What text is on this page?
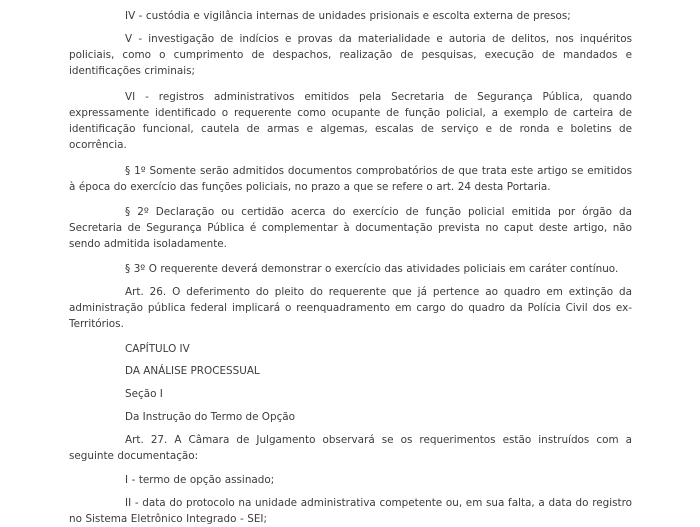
IV - custódia e vigilância internas de unidades prisionais e escolta externa de presos;

V - investigação de indícios e provas da materialidade e autoria de delitos, nos inquéritos policiais, como o cumprimento de despachos, realização de pesquisas, execução de mandados e identificações criminais;

VI - registros administrativos emitidos pela Secretaria de Segurança Pública, quando expressamente identificado o requerente como ocupante de função policial, a exemplo de carteira de identificação funcional, cautela de armas e algemas, escalas de serviço e de ronda e boletins de ocorrência.

§ 1º Somente serão admitidos documentos comprobatórios de que trata este artigo se emitidos à época do exercício das funções policiais, no prazo a que se refere o art. 24 desta Portaria.

§ 2º Declaração ou certidão acerca do exercício de função policial emitida por órgão da Secretaria de Segurança Pública é complementar à documentação prevista no caput deste artigo, não sendo admitida isoladamente.

§ 3º O requerente deverá demonstrar o exercício das atividades policiais em caráter contínuo.

Art. 26. O deferimento do pleito do requerente que já pertence ao quadro em extinção da administração pública federal implicará o reenquadramento em cargo do quadro da Polícia Civil dos ex-Territórios.

CAPÍTULO IV

DA ANÁLISE PROCESSUAL

Seção I

Da Instrução do Termo de Opção

Art. 27. A Câmara de Julgamento observará se os requerimentos estão instruídos com a seguinte documentação:

I - termo de opção assinado;

II - data do protocolo na unidade administrativa competente ou, em sua falta, a data do registro no Sistema Eletrônico Integrado - SEI;
